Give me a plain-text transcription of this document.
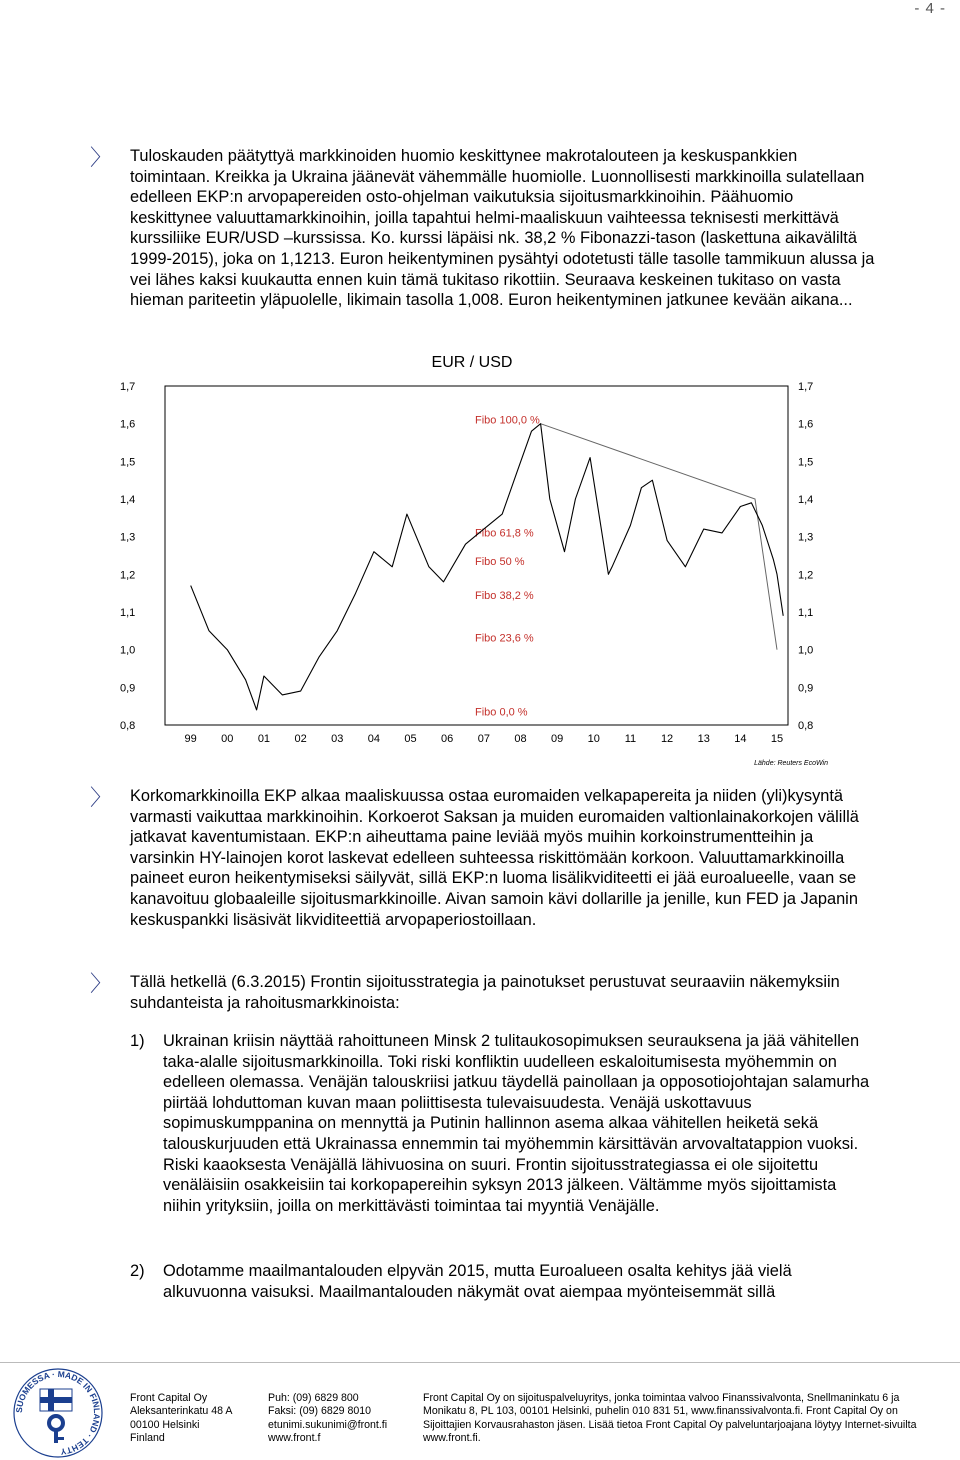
- 4 -
〉 Tuloskauden päätyttyä markkinoiden huomio keskittynee makrotalouteen ja keskuspankkien toimintaan. Kreikka ja Ukraina jäänevät vähemmälle huomiolle. Luonnollisesti markkinoilla sulatellaan edelleen EKP:n arvopapereiden osto-ohjelman vaikutuksia sijoitusmarkkinoihin. Päähuomio keskittynee valuuttamarkkinoihin, joilla tapahtui helmi-maaliskuun vaihteessa teknisesti merkittävä kurssiliike EUR/USD –kurssissa. Ko. kurssi läpäisi nk. 38,2 % Fibonazzi-tason (laskettuna aikaväliltä 1999-2015), joka on 1,1213. Euron heikentyminen pysähtyi odotetusti tälle tasolle tammikuun alussa ja vei lähes kaksi kuukautta ennen kuin tämä tukitaso rikottiin. Seuraava keskeinen tukitaso on vasta hieman pariteetin yläpuolelle, likimain tasolla 1,008. Euron heikentyminen jatkunee kevään aikana...

EUR / USD
1,7
1,6
1,5
1,4
1,3
1,2
1,1
1,0
0,9
0,8
1,7
1,6
1,5
1,4
1,3
1,2
1,1
1,0
0,9
0,8
99 00 01 02 03 04 05 06 07 08 09 10 11 12 13 14 15
Fibo 100,0 %
Fibo 61,8 %
Fibo 50 %
Fibo 38,2 %
Fibo 23,6 %
Fibo 0,0 %
Lähde: Reuters EcoWin
〉 Korkomarkkinoilla EKP alkaa maaliskuussa ostaa euromaiden velkapapereita ja niiden (yli)kysyntä varmasti vaikuttaa markkinoihin. Korkoerot Saksan ja muiden euromaiden valtionlainakorkojen välillä jatkavat kaventumistaan. EKP:n aiheuttama paine leviää myös muihin korkoinstrumentteihin ja varsinkin HY-lainojen korot laskevat edelleen suhteessa riskittömään korkoon. Valuuttamarkkinoilla paineet euron heikentymiseksi säilyvät, sillä EKP:n luoma lisälikviditeetti ei jää euroalueelle, vaan se kanavoituu globaaleille sijoitusmarkkinoille. Aivan samoin kävi dollarille ja jenille, kun FED ja Japanin keskuspankki lisäsivät likviditeettiä arvopaperiostoillaan.

〉 Tällä hetkellä (6.3.2015) Frontin sijoitusstrategia ja painotukset perustuvat seuraaviin näkemyksiin suhdanteista ja rahoitusmarkkinoista:

1) Ukrainan kriisin näyttää rahoittuneen Minsk 2 tulitaukosopimuksen seurauksena ja jää vähitellen taka-alalle sijoitusmarkkinoilla. Toki riski konfliktin uudelleen eskaloitumisesta myöhemmin on edelleen olemassa. Venäjän talouskriisi jatkuu täydellä painollaan ja opposotiojohtajan salamurha piirtää lohduttoman kuvan maan poliittisesta tulevaisuudesta. Venäjä uskottavuus sopimuskumppanina on mennyttä ja Putinin hallinnon asema alkaa vähitellen heiketä sekä talouskurjuuden että Ukrainassa ennemmin tai myöhemmin kärsittävän arvovaltatappion vuoksi. Riski kaaoksesta Venäjällä lähivuosina on suuri. Frontin sijoitusstrategiassa ei ole sijoitettu venäläisiin osakkeisiin tai korkopapereihin syksyn 2013 jälkeen. Vältämme myös sijoittamista niihin yrityksiin, joilla on merkittävästi toimintaa tai myyntiä Venäjälle.

2) Odotamme maailmantalouden elpyvän 2015, mutta Euroalueen osalta kehitys jää vielä alkuvuonna vaisuksi. Maailmantalouden näkymät ovat aiempaa myönteisemmät sillä

SUOMESSA · MADE IN FINLAND · TEHTY
Front Capital Oy
Aleksanterinkatu 48 A
00100 Helsinki
Finland
Puh: (09) 6829 800
Faksi: (09) 6829 8010
etunimi.sukunimi@front.fi
www.front.f
Front Capital Oy on sijoituspalveluyritys, jonka toimintaa valvoo Finanssivalvonta, Snellmaninkatu 6 ja
Monikatu 8, PL 103, 00101 Helsinki, puhelin 010 831 51, www.finanssivalvonta.fi. Front Capital Oy on
Sijoittajien Korvausrahaston jäsen. Lisää tietoa Front Capital Oy palveluntarjoajana löytyy Internet-sivuilta
www.front.fi.
